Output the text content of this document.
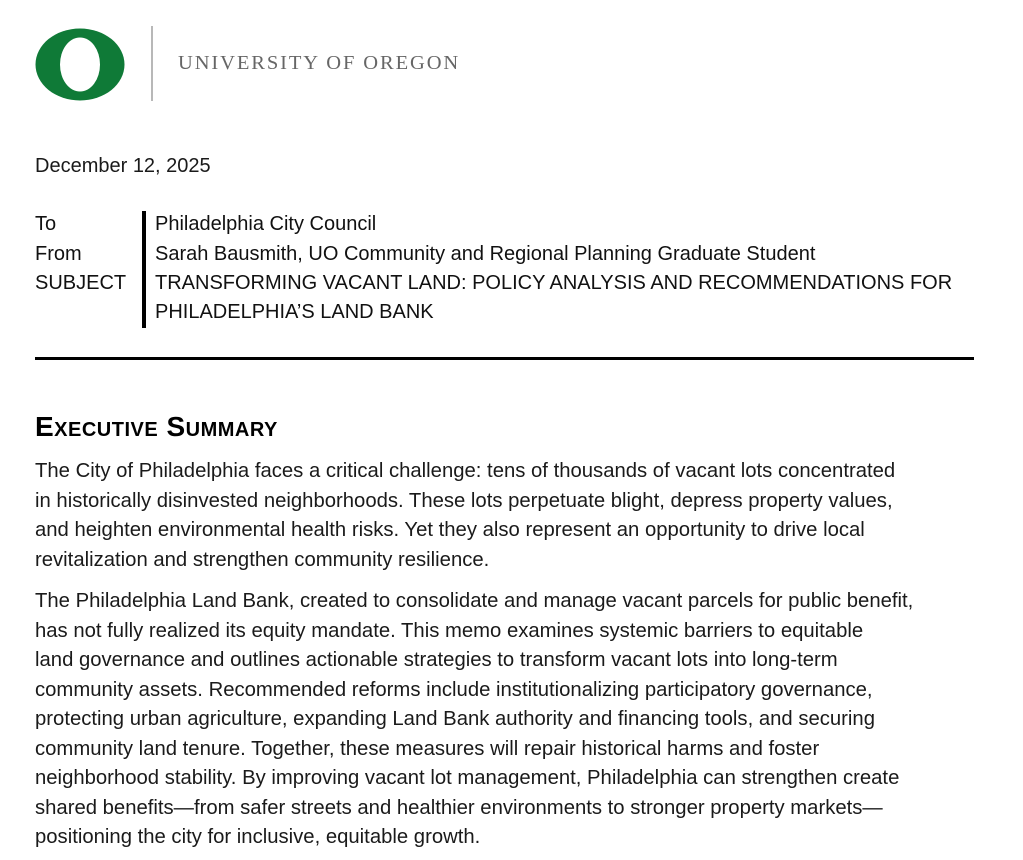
UNIVERSITY OF OREGON
December 12, 2025
To	Philadelphia City Council
From	Sarah Bausmith, UO Community and Regional Planning Graduate Student
SUBJECT TRANSFORMING VACANT LAND: POLICY ANALYSIS AND RECOMMENDATIONS FOR
PHILADELPHIA’S LAND BANK
Executive Summary
The City of Philadelphia faces a critical challenge: tens of thousands of vacant lots concentrated
in historically disinvested neighborhoods. These lots perpetuate blight, depress property values,
and heighten environmental health risks. Yet they also represent an opportunity to drive local
revitalization and strengthen community resilience.
The Philadelphia Land Bank, created to consolidate and manage vacant parcels for public benefit,
has not fully realized its equity mandate. This memo examines systemic barriers to equitable
land governance and outlines actionable strategies to transform vacant lots into long-term
community assets. Recommended reforms include institutionalizing participatory governance,
protecting urban agriculture, expanding Land Bank authority and financing tools, and securing
community land tenure. Together, these measures will repair historical harms and foster
neighborhood stability. By improving vacant lot management, Philadelphia can strengthen create
shared benefits—from safer streets and healthier environments to stronger property markets—
positioning the city for inclusive, equitable growth.
